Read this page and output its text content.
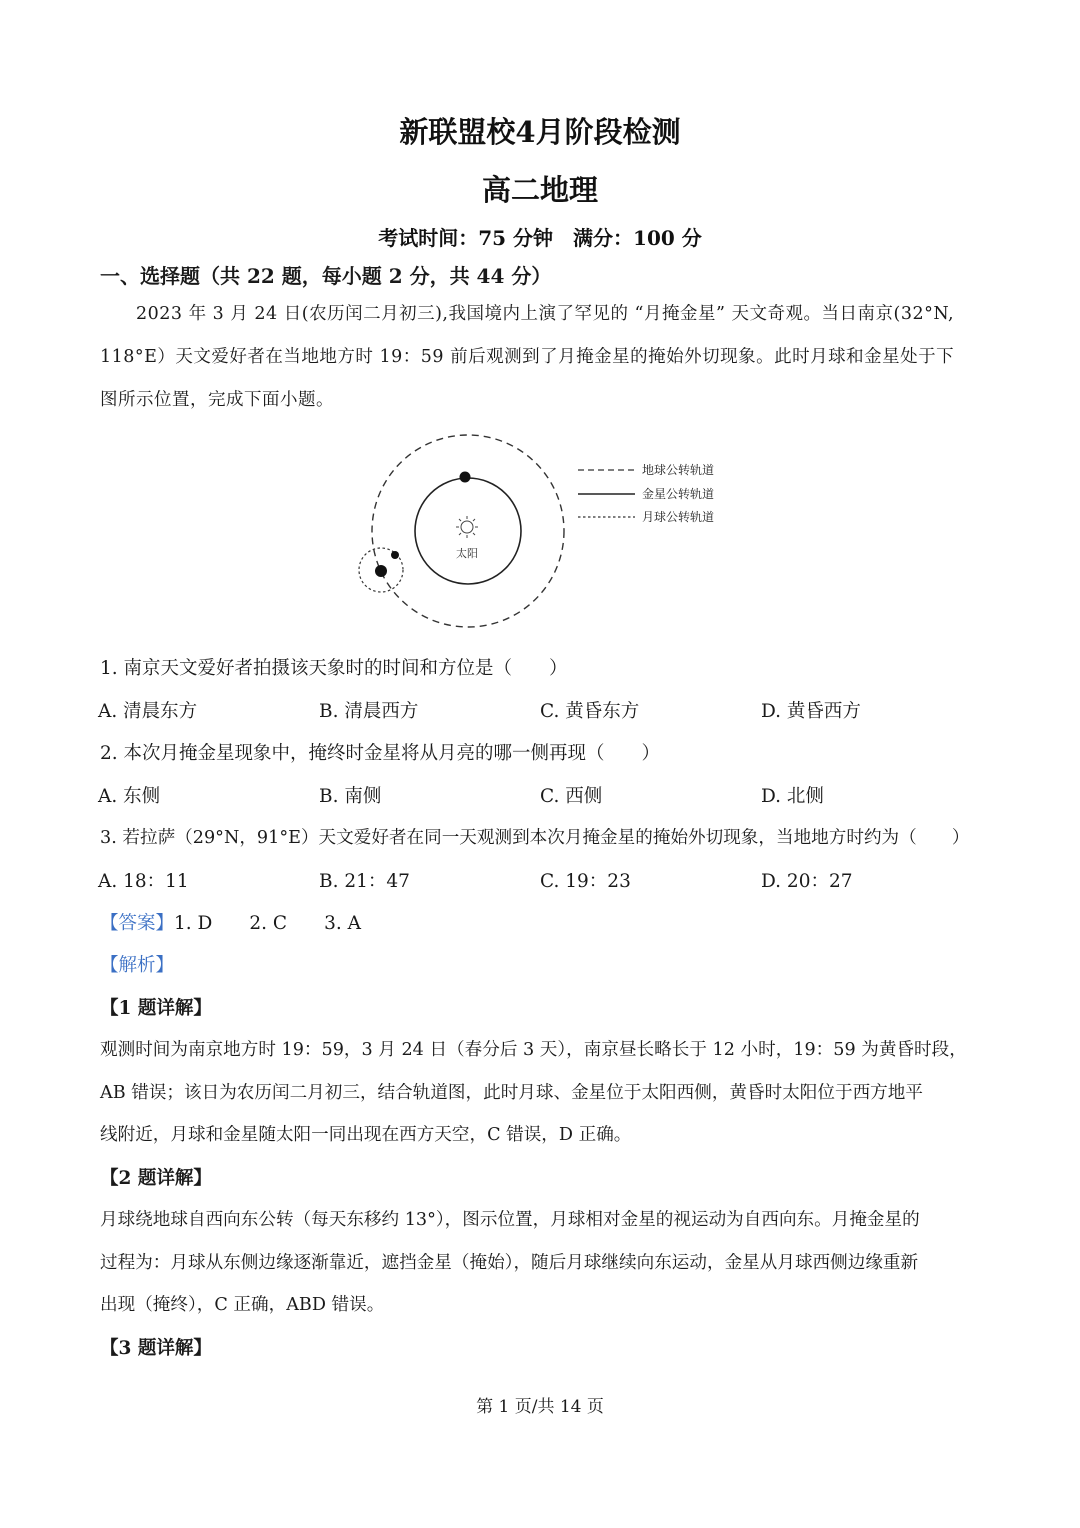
新联盟校4月阶段检测
高二地理
考试时间：75 分钟　满分：100 分
一、选择题（共 22 题，每小题 2 分，共 44 分）
2023 年 3 月 24 日(农历闰二月初三),我国境内上演了罕见的 “月掩金星” 天文奇观。当日南京(32°N,
118°E）天文爱好者在当地地方时 19：59 前后观测到了月掩金星的掩始外切现象。此时月球和金星处于下
图所示位置，完成下面小题。
太阳
地球公转轨道
金星公转轨道
月球公转轨道
1. 南京天文爱好者拍摄该天象时的时间和方位是（　　）
A. 清晨东方	B. 清晨西方	C. 黄昏东方	D. 黄昏西方
2. 本次月掩金星现象中，掩终时金星将从月亮的哪一侧再现（　　）
A. 东侧	B. 南侧	C. 西侧	D. 北侧
3. 若拉萨（29°N，91°E）天文爱好者在同一天观测到本次月掩金星的掩始外切现象，当地地方时约为（　　）
A. 18：11	B. 21：47	C. 19：23	D. 20：27
【答案】1. D　　2. C　　3. A
【解析】
【1 题详解】
观测时间为南京地方时 19：59，3 月 24 日（春分后 3 天），南京昼长略长于 12 小时，19：59 为黄昏时段，
AB 错误；该日为农历闰二月初三，结合轨道图，此时月球、金星位于太阳西侧，黄昏时太阳位于西方地平
线附近，月球和金星随太阳一同出现在西方天空，C 错误，D 正确。
【2 题详解】
月球绕地球自西向东公转（每天东移约 13°），图示位置，月球相对金星的视运动为自西向东。月掩金星的
过程为：月球从东侧边缘逐渐靠近，遮挡金星（掩始），随后月球继续向东运动，金星从月球西侧边缘重新
出现（掩终），C 正确，ABD 错误。
【3 题详解】
第 1 页/共 14 页
